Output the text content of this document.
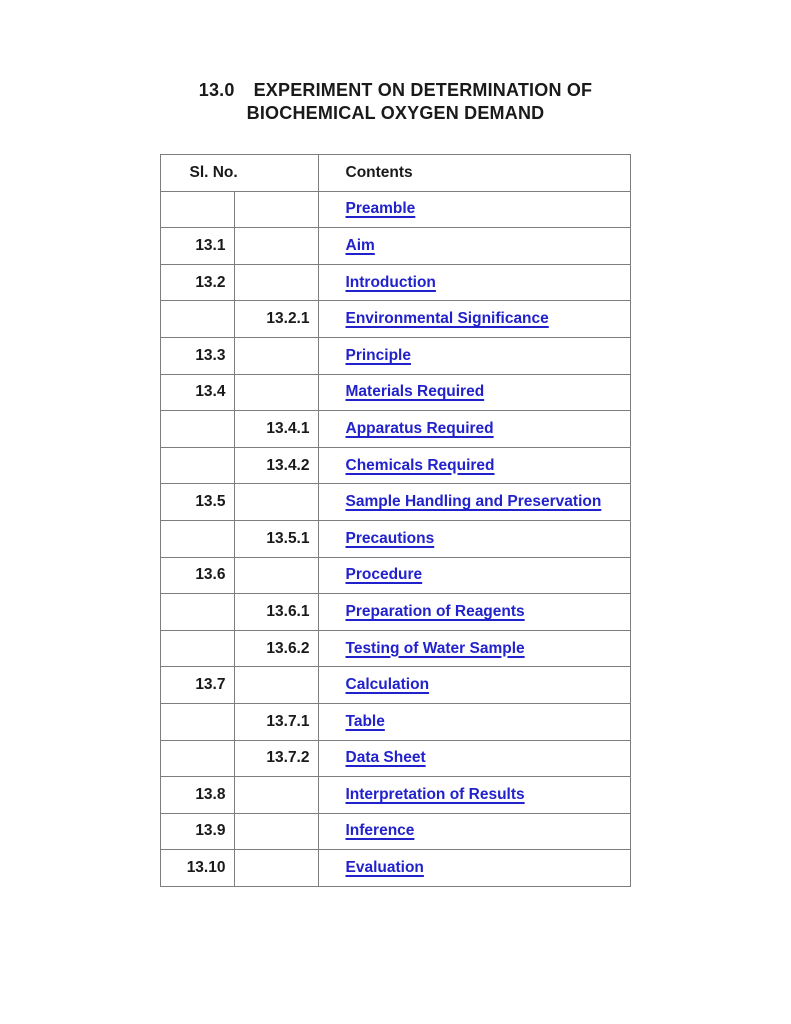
13.0 EXPERIMENT ON DETERMINATION OF
BIOCHEMICAL OXYGEN DEMAND
Sl. No.		Contents
		Preamble
13.1		Aim
13.2		Introduction
	13.2.1	Environmental Significance
13.3		Principle
13.4		Materials Required
	13.4.1	Apparatus Required
	13.4.2	Chemicals Required
13.5		Sample Handling and Preservation
	13.5.1	Precautions
13.6		Procedure
	13.6.1	Preparation of Reagents
	13.6.2	Testing of Water Sample
13.7		Calculation
	13.7.1	Table
	13.7.2	Data Sheet
13.8		Interpretation of Results
13.9		Inference
13.10		Evaluation
